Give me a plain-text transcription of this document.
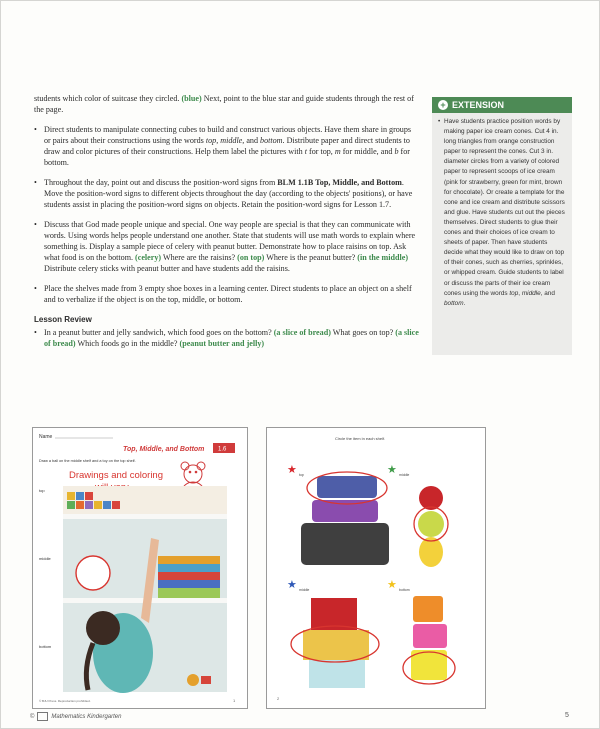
students which color of suitcase they circled. (blue) Next, point to the blue star and guide students through the rest of the page.

• Direct students to manipulate connecting cubes to build and construct various objects. Have them share in groups or pairs about their constructions using the words top, middle, and bottom. Distribute paper and direct students to draw and color pictures of their constructions. Help them label the pictures with t for top, m for middle, and b for bottom.
• Throughout the day, point out and discuss the position-word signs from BLM 1.1B Top, Middle, and Bottom. Move the position-word signs to different objects throughout the day (according to the objects' positions), or have students assist in placing the position-word signs on objects. Retain the position-word signs for Lesson 1.7.
• Discuss that God made people unique and special. One way people are special is that they can communicate with words. Using words helps people understand one another. State that students will use math words to explain where something is. Display a sample piece of celery with peanut butter. Demonstrate how to place raisins on top. Ask what food is on the bottom. (celery) Where are the raisins? (on top) Where is the peanut butter? (in the middle) Distribute celery sticks with peanut butter and have students add the raisins.
• Place the shelves made from 3 empty shoe boxes in a learning center. Direct students to place an object on a shelf and to verbalize if the object is on the top, middle, or bottom.
Lesson Review
• In a peanut butter and jelly sandwich, which food goes on the bottom? (a slice of bread) What goes on top? (a slice of bread) Which foods go in the middle? (peanut butter and jelly)
+ EXTENSION
• Have students practice position words by making paper ice cream cones. Cut 4 in. long triangles from orange construction paper to represent the cones. Cut 3 in. diameter circles from a variety of colored paper to represent scoops of ice cream (pink for strawberry, green for mint, brown for chocolate). Or create a template for the cone and ice cream and distribute scissors and glue. Have students cut out the pieces themselves. Direct students to glue their cones and their choices of ice cream to sheets of paper. Then have students decide what they would like to draw on top of their cones, such as cherries, sprinkles, or whipped cream. Guide students to label or discuss the parts of their ice cream cones using the words top, middle, and bottom.
Name
Top, Middle, and Bottom 1.6
Draw a ball on the middle shelf and a toy on the top shelf.
Drawings and coloring
top
middle
bottom
© BJU Press. Reproduction prohibited.	1
Circle the item in each shelf.
★	★
★	★
top	middle
middle	bottom
2
©	Mathematics Kindergarten	5
